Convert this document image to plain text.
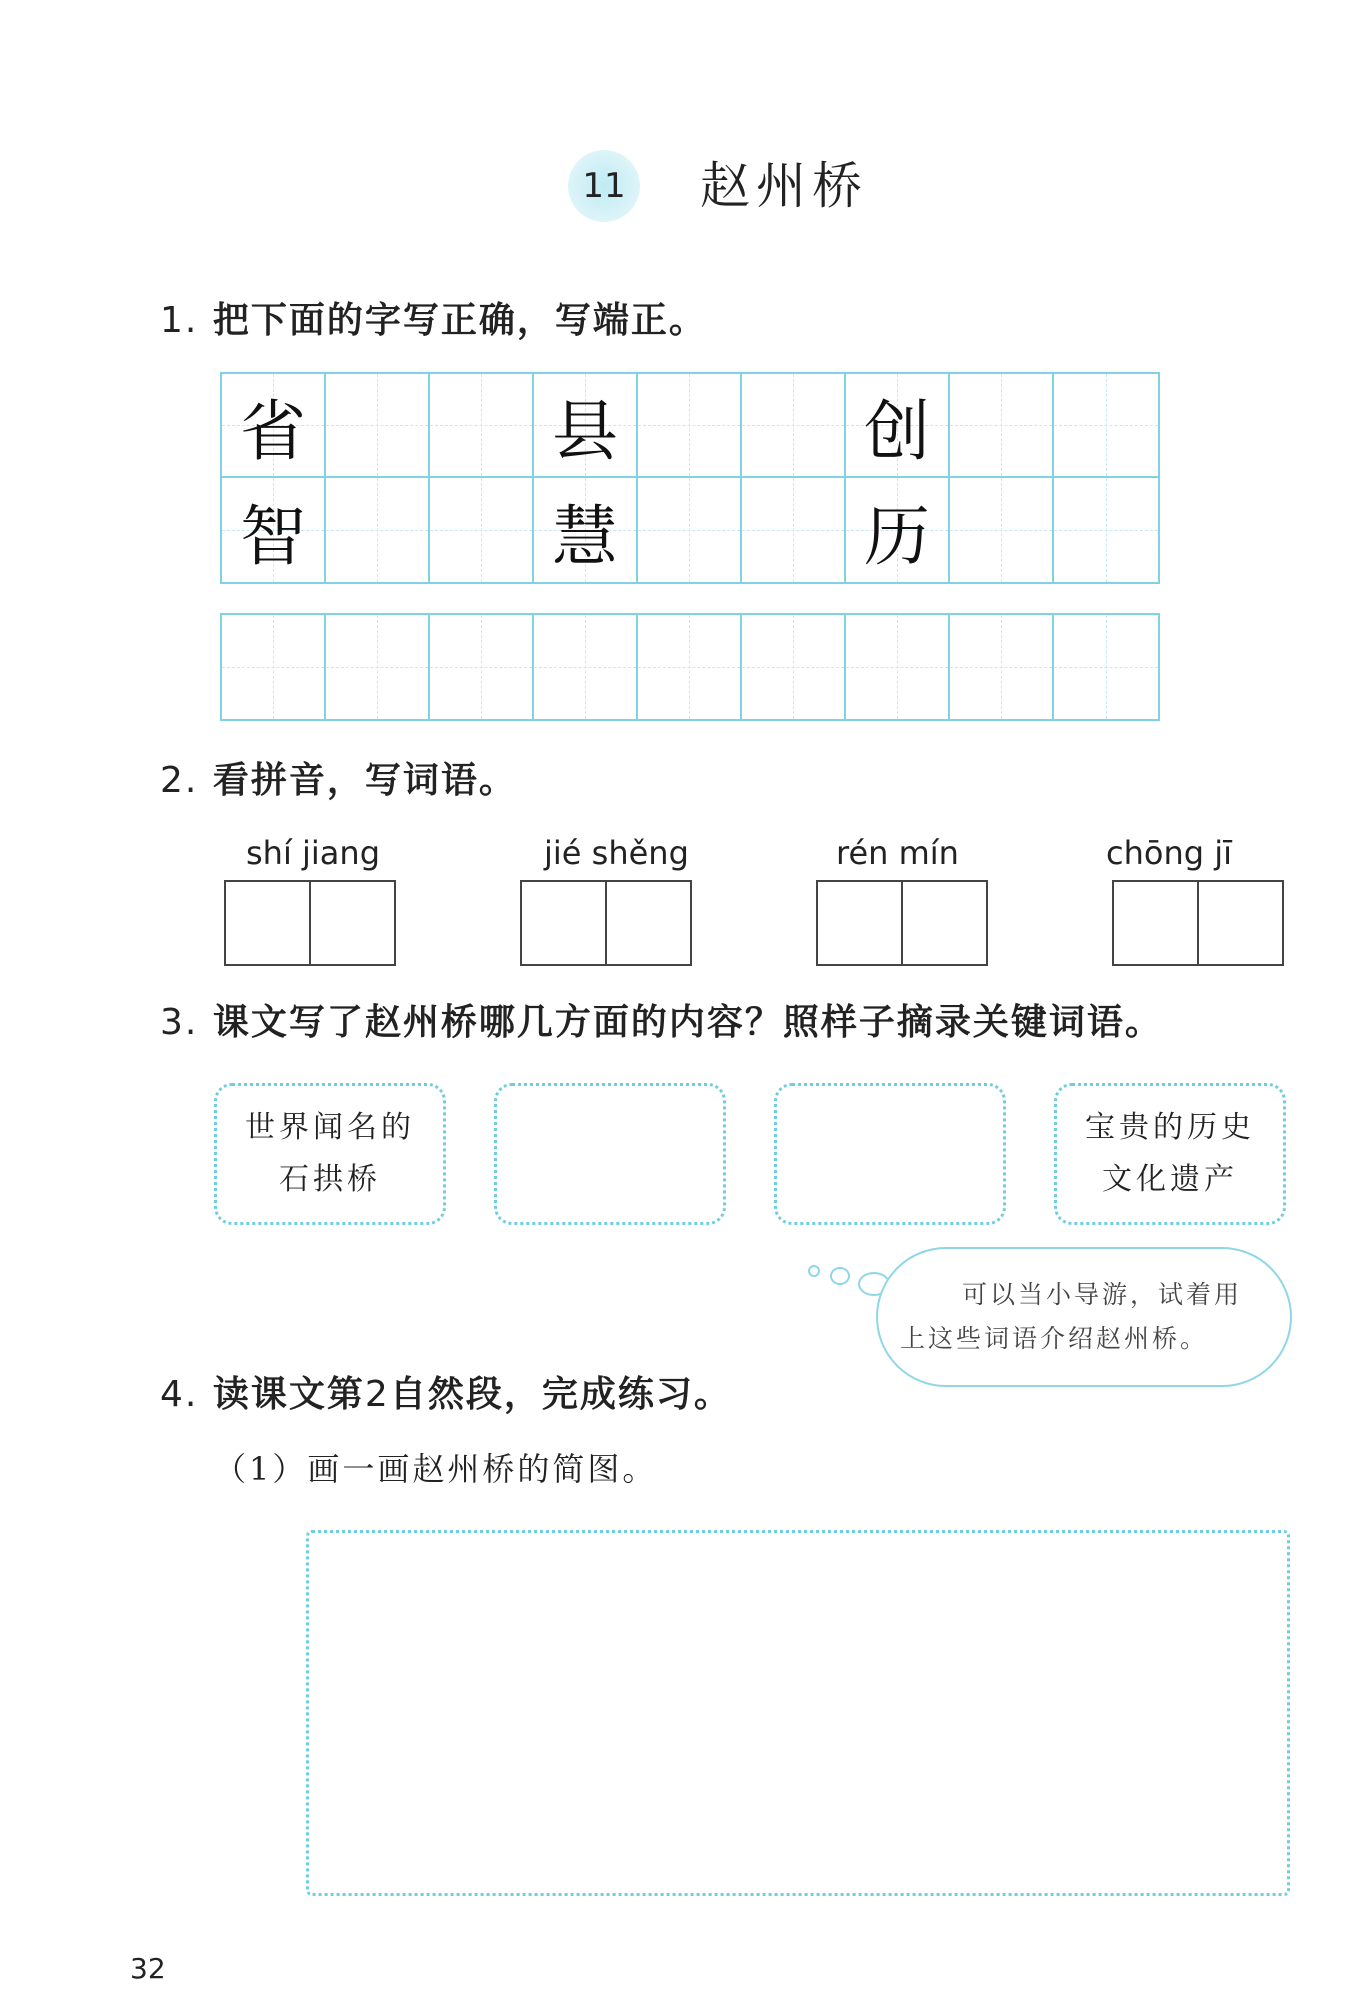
11 赵州桥
1. 把下面的字写正确，写端正。
省	县	创
智	慧	历
2. 看拼音，写词语。
shí jiang	jié shěng	rén mín	chōng jī
3. 课文写了赵州桥哪几方面的内容？照样子摘录关键词语。
世界闻名的
石拱桥
宝贵的历史
文化遗产
可以当小导游，试着用
上这些词语介绍赵州桥。
4. 读课文第2自然段，完成练习。
（1）画一画赵州桥的简图。
32
